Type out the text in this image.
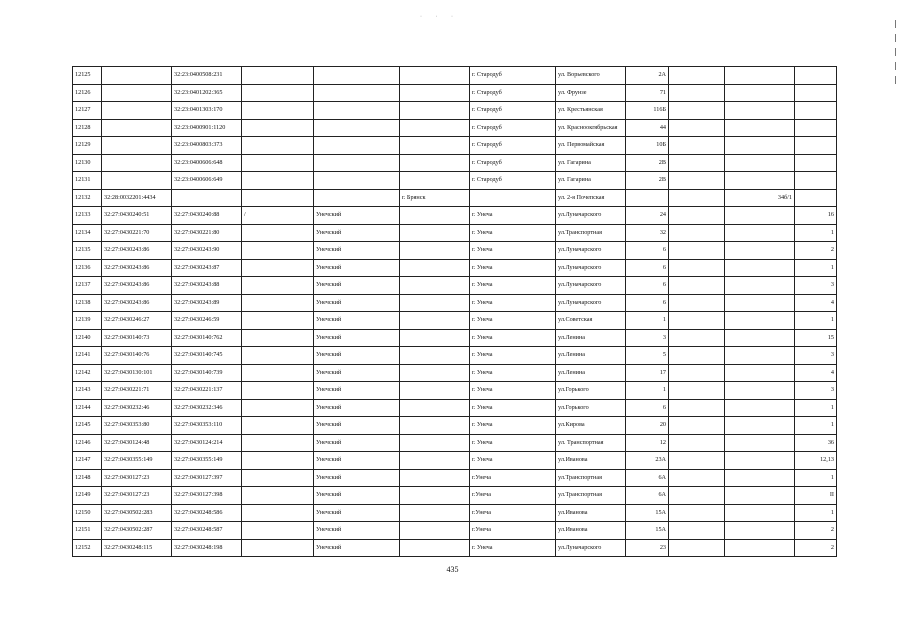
· · ·
12125		32:23:0400508:231				г. Стародуб	ул. Ворьевского	2А			
12126		32:23:0401202:365				г. Стародуб	ул. Фрунзе	71			
12127		32:23:0401303:170				г. Стародуб	ул. Крестьянская	116Б			
12128		32:23:0400901:1120				г. Стародуб	ул. Красноокrябрьская	44			
12129		32:23:0400803:373				г. Стародуб	ул. Первомайская	10Б			
12130		32:23:0400606:648				г. Стародуб	ул. Гагарина	2В			
12131		32:23:0400606:649				г. Стародуб	ул. Гагарина	2В			
12132	32:28:0032201:4434				г. Брянск		ул. 2-я Почепская			34б/1	
12133	32:27:0430240:51	32:27:0430240:88	/	Унечский		г. Унеча	ул.Луначарского	24			16
12134	32:27:0430221:70	32:27:0430221:80		Унечский		г. Унеча	ул.Транспортная	32			1
12135	32:27:0430243:86	32:27:0430243:90		Унечский		г. Унеча	ул.Луначарского	6			2
12136	32:27:0430243:86	32:27:0430243:87		Унечский		г. Унеча	ул.Луначарского	6			1
12137	32:27:0430243:86	32:27:0430243:88		Унечский		г. Унеча	ул.Луначарского	6			3
12138	32:27:0430243:86	32:27:0430243:89		Унечский		г. Унеча	ул.Луначарского	6			4
12139	32:27:0430246:27	32:27:0430246:59		Унечский		г. Унеча	ул.Советская	1			1
12140	32:27:0430140:73	32:27:0430140:762		Унечский		г. Унеча	ул.Ленина	3			15
12141	32:27:0430140:76	32:27:0430140:745		Унечский		г. Унеча	ул.Ленина	5			3
12142	32:27:0430130:101	32:27:0430140:739		Унечский		г. Унеча	ул.Ленина	17			4
12143	32:27:0430221:71	32:27:0430221:137		Унечский		г. Унеча	ул.Горького	1			3
12144	32:27:0430232:46	32:27:0430232:346		Унечский		г. Унеча	ул.Горького	6			1
12145	32:27:0430353:80	32:27:0430353:110		Унечский		г. Унеча	ул.Кирова	20			1
12146	32:27:0430124:48	32:27:0430124:214		Унечский		г. Унеча	ул. Транспортная	12			36
12147	32:27:0430355:149	32:27:0430355:149		Унечский		г. Унеча	ул.Иванова	23А			12,13
12148	32:27:0430127:23	32:27:0430127:397		Унечский		г.Унеча	ул.Транспортная	6А			1
12149	32:27:0430127:23	32:27:0430127:398		Унечский		г.Унеча	ул.Транспортная	6А			II
12150	32:27:0430502:283	32:27:0430248:586		Унечский		г.Унеча	ул.Иванова	15А			1
12151	32:27:0430502:287	32:27:0430248:587		Унечский		г.Унеча	ул.Иванова	15А			2
12152	32:27:0430248:115	32:27:0430248:198		Унечский		г. Унеча	ул.Луначарского	23			2
435
